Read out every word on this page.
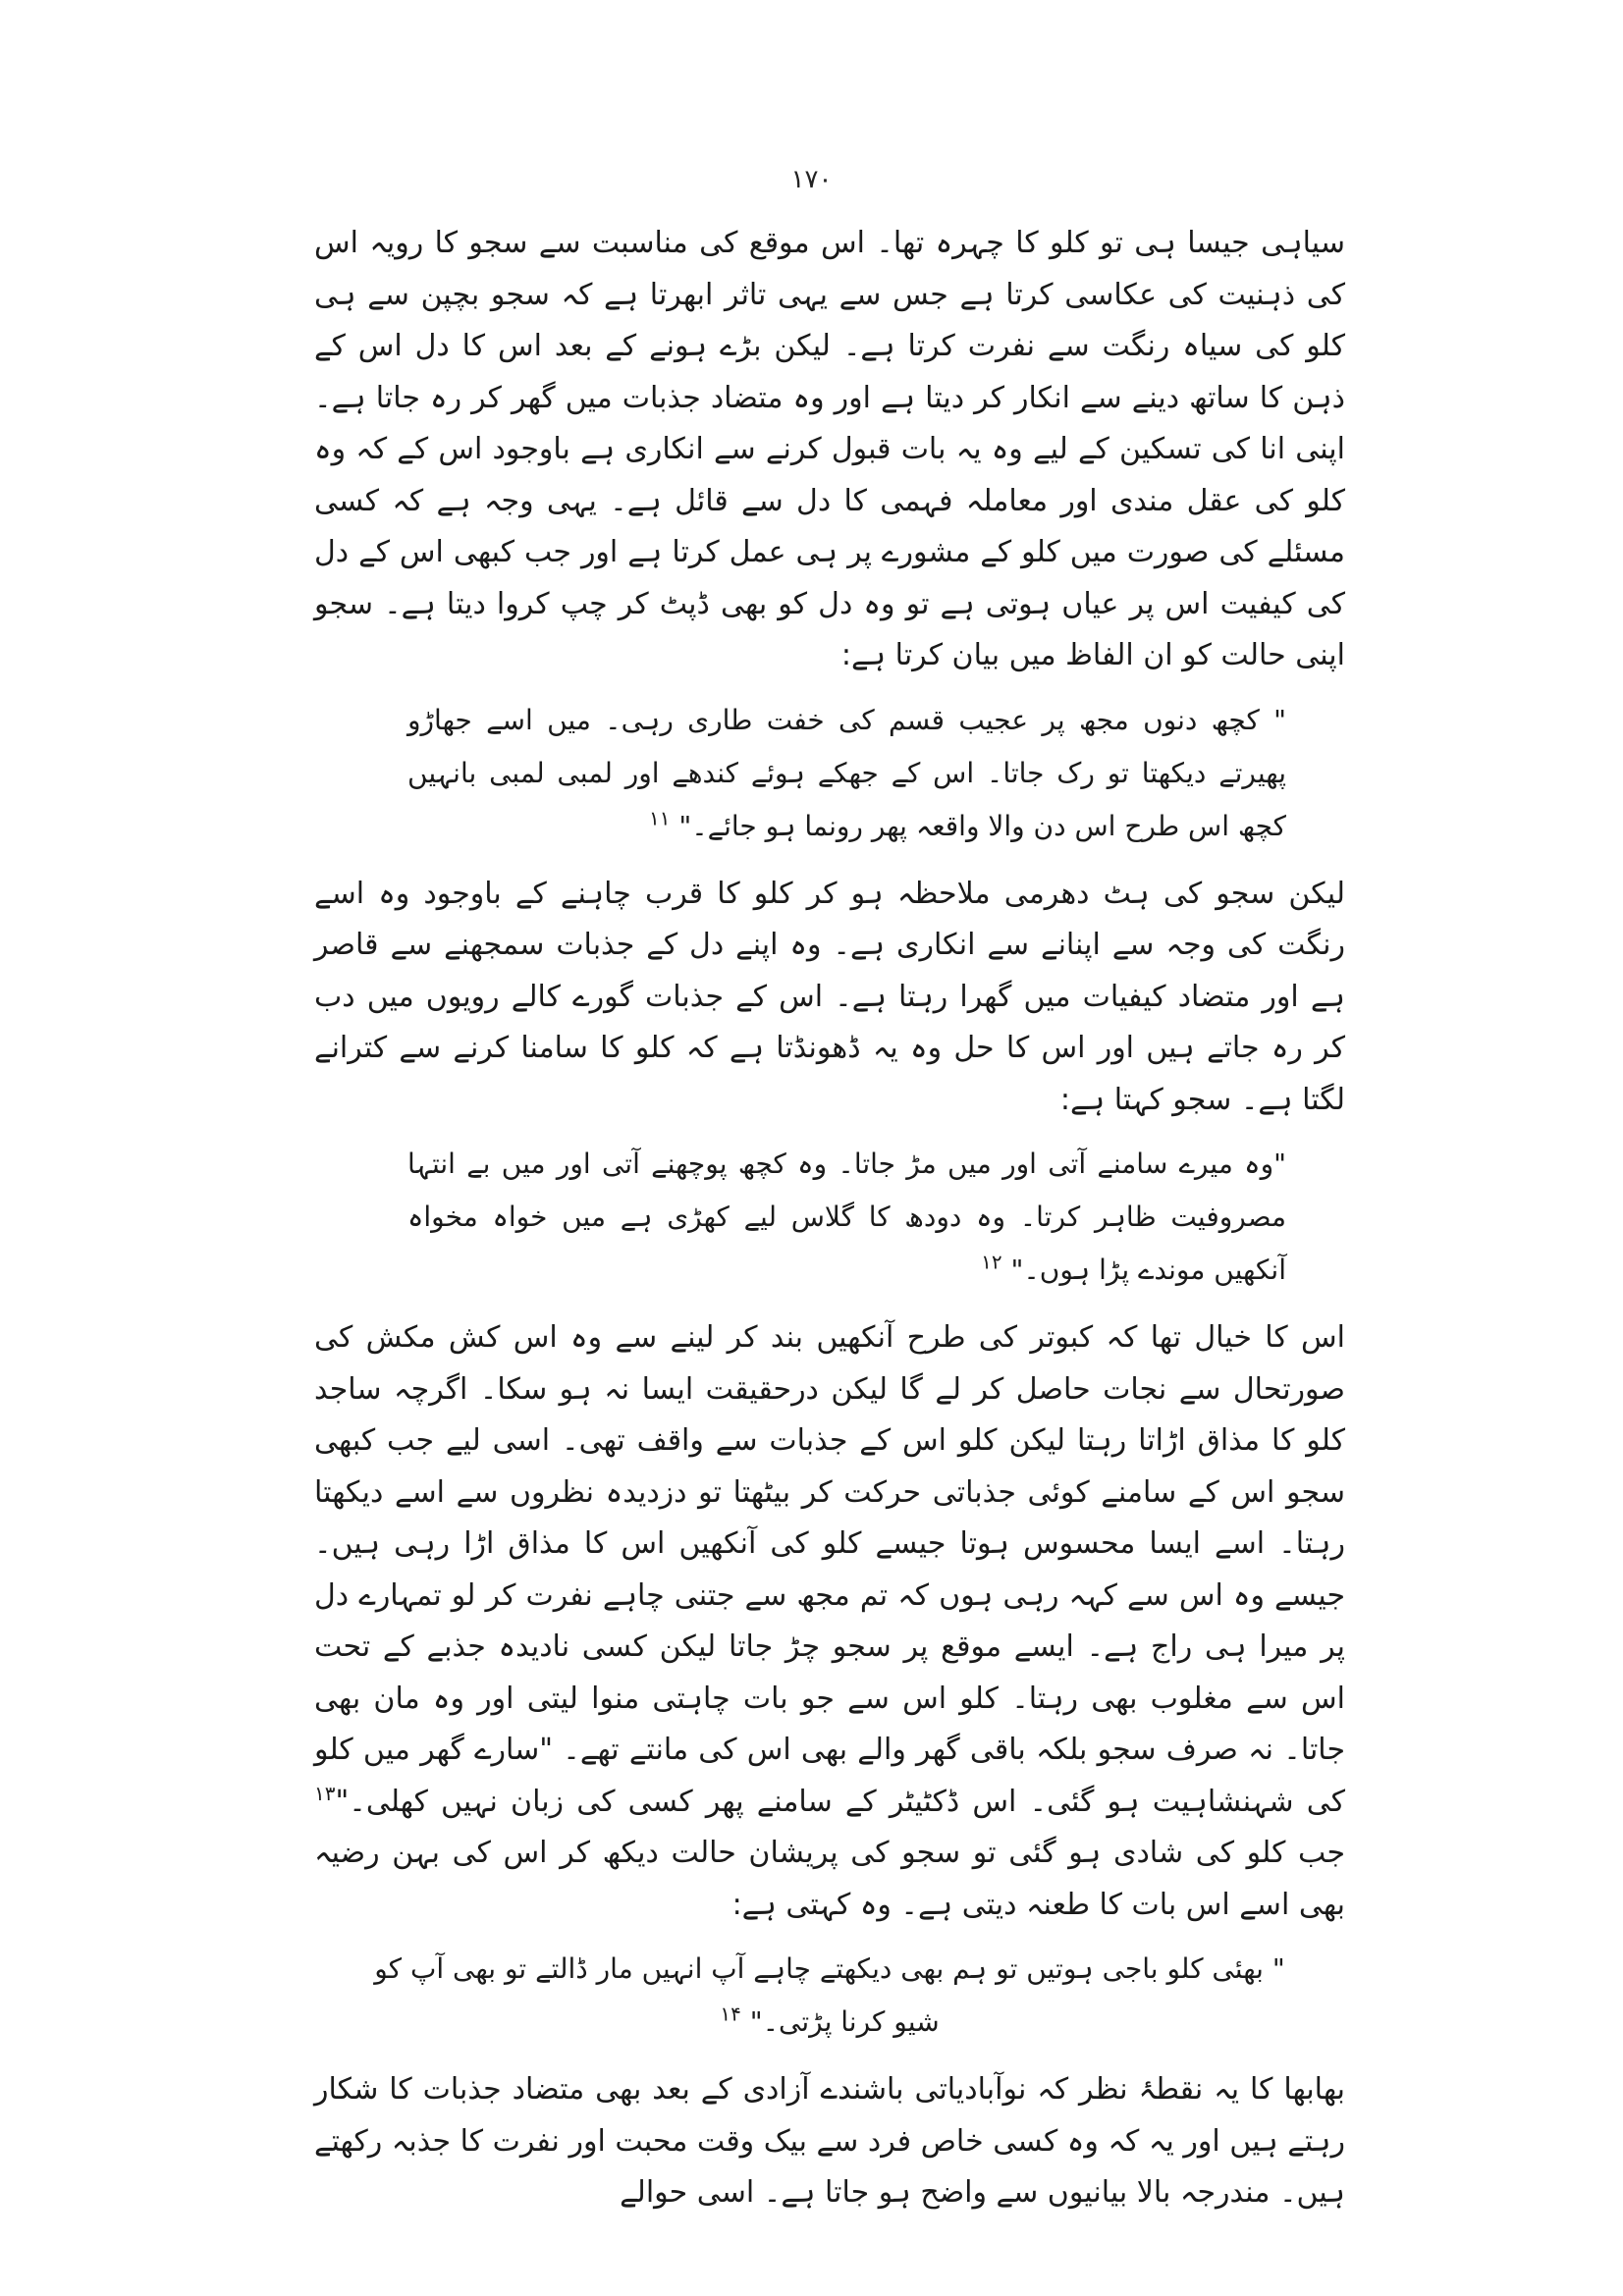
۱۷۰

سیاہی جیسا ہی تو کلو کا چہرہ تھا۔ اس موقع کی مناسبت سے سجو کا رویہ اس کی ذہنیت کی عکاسی کرتا ہے جس سے یہی تاثر ابھرتا ہے کہ سجو بچپن سے ہی کلو کی سیاہ رنگت سے نفرت کرتا ہے۔ لیکن بڑے ہونے کے بعد اس کا دل اس کے ذہن کا ساتھ دینے سے انکار کر دیتا ہے اور وہ متضاد جذبات میں گھر کر رہ جاتا ہے۔ اپنی انا کی تسکین کے لیے وہ یہ بات قبول کرنے سے انکاری ہے باوجود اس کے کہ وہ کلو کی عقل مندی اور معاملہ فہمی کا دل سے قائل ہے۔ یہی وجہ ہے کہ کسی مسئلے کی صورت میں کلو کے مشورے پر ہی عمل کرتا ہے اور جب کبھی اس کے دل کی کیفیت اس پر عیاں ہوتی ہے تو وہ دل کو بھی ڈپٹ کر چپ کروا دیتا ہے۔ سجو اپنی حالت کو ان الفاظ میں بیان کرتا ہے:

" کچھ دنوں مجھ پر عجیب قسم کی خفت طاری رہی۔ میں اسے جھاڑو پھیرتے دیکھتا تو رک جاتا۔ اس کے جھکے ہوئے کندھے اور لمبی لمبی بانہیں کچھ اس طرح اس دن والا واقعہ پھر رونما ہو جائے۔" $^{۱۱}$

لیکن سجو کی ہٹ دھرمی ملاحظہ ہو کر کلو کا قرب چاہنے کے باوجود وہ اسے رنگت کی وجہ سے اپنانے سے انکاری ہے۔ وہ اپنے دل کے جذبات سمجھنے سے قاصر ہے اور متضاد کیفیات میں گھرا رہتا ہے۔ اس کے جذبات گورے کالے رویوں میں دب کر رہ جاتے ہیں اور اس کا حل وہ یہ ڈھونڈتا ہے کہ کلو کا سامنا کرنے سے کترانے لگتا ہے۔ سجو کہتا ہے:

"وہ میرے سامنے آتی اور میں مڑ جاتا۔ وہ کچھ پوچھنے آتی اور میں بے انتہا مصروفیت ظاہر کرتا۔ وہ دودھ کا گلاس لیے کھڑی ہے میں خواہ مخواہ آنکھیں موندے پڑا ہوں۔" $^{۱۲}$

اس کا خیال تھا کہ کبوتر کی طرح آنکھیں بند کر لینے سے وہ اس کش مکش کی صورتحال سے نجات حاصل کر لے گا لیکن درحقیقت ایسا نہ ہو سکا۔ اگرچہ ساجد کلو کا مذاق اڑاتا رہتا لیکن کلو اس کے جذبات سے واقف تھی۔ اسی لیے جب کبھی سجو اس کے سامنے کوئی جذباتی حرکت کر بیٹھتا تو دزدیدہ نظروں سے اسے دیکھتا رہتا۔ اسے ایسا محسوس ہوتا جیسے کلو کی آنکھیں اس کا مذاق اڑا رہی ہیں۔ جیسے وہ اس سے کہہ رہی ہوں کہ تم مجھ سے جتنی چاہے نفرت کر لو تمہارے دل پر میرا ہی راج ہے۔ ایسے موقع پر سجو چڑ جاتا لیکن کسی نادیدہ جذبے کے تحت اس سے مغلوب بھی رہتا۔ کلو اس سے جو بات چاہتی منوا لیتی اور وہ مان بھی جاتا۔ نہ صرف سجو بلکہ باقی گھر والے بھی اس کی مانتے تھے۔ "سارے گھر میں کلو کی شہنشاہیت ہو گئی۔ اس ڈکٹیٹر کے سامنے پھر کسی کی زبان نہیں کھلی۔"$^{۱۳}$ جب کلو کی شادی ہو گئی تو سجو کی پریشان حالت دیکھ کر اس کی بہن رضیہ بھی اسے اس بات کا طعنہ دیتی ہے۔ وہ کہتی ہے:

" بھئی کلو باجی ہوتیں تو ہم بھی دیکھتے چاہے آپ انہیں مار ڈالتے تو بھی آپ کو شیو کرنا پڑتی۔" $^{۱۴}$

بھابھا کا یہ نقطۂ نظر کہ نوآبادیاتی باشندے آزادی کے بعد بھی متضاد جذبات کا شکار رہتے ہیں اور یہ کہ وہ کسی خاص فرد سے بیک وقت محبت اور نفرت کا جذبہ رکھتے ہیں۔ مندرجہ بالا بیانیوں سے واضح ہو جاتا ہے۔ اسی حوالے
